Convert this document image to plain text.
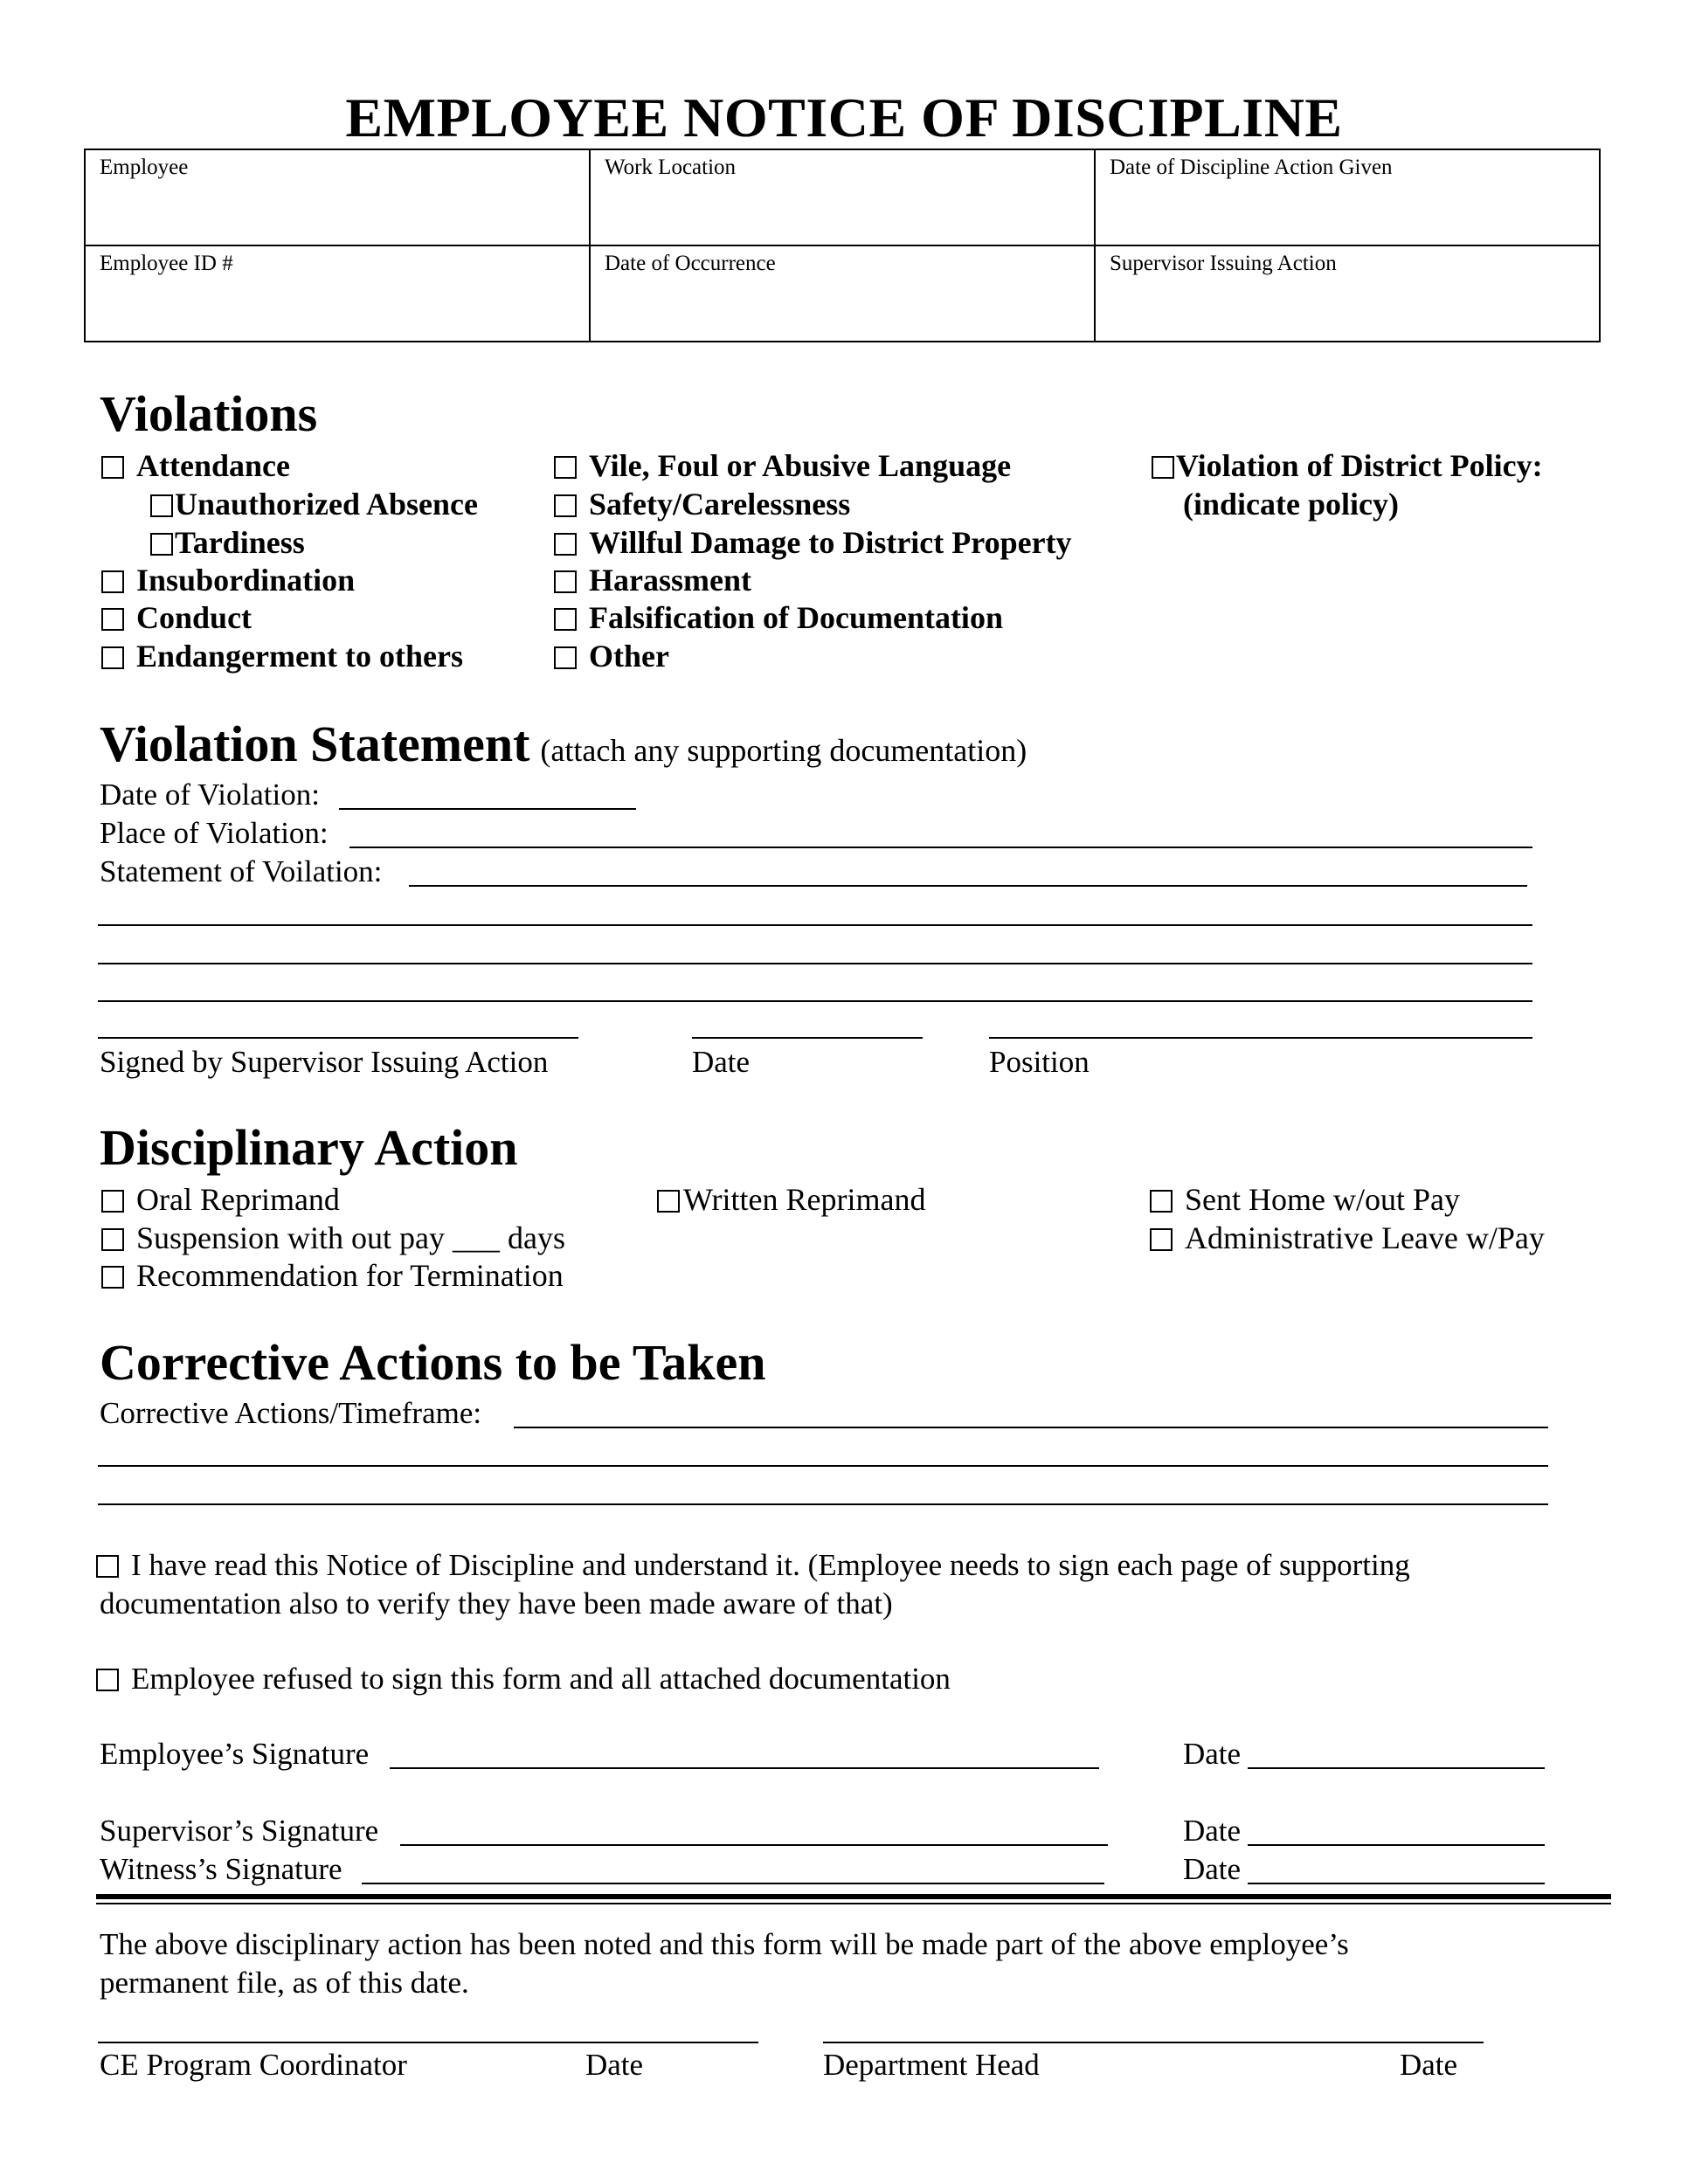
EMPLOYEE NOTICE OF DISCIPLINE
Employee	Work Location	Date of Discipline Action Given
Employee ID #	Date of Occurrence	Supervisor Issuing Action
Violations
Attendance
Unauthorized Absence
Tardiness
Insubordination
Conduct
Endangerment to others
Vile, Foul or Abusive Language
Safety/Carelessness
Willful Damage to District Property
Harassment
Falsification of Documentation
Other
Violation of District Policy:
(indicate policy)
Violation Statement (attach any supporting documentation)
Date of Violation:
Place of Violation:
Statement of Voilation:
Signed by Supervisor Issuing Action	Date	Position
Disciplinary Action
Oral Reprimand
Suspension with out pay ___ days
Recommendation for Termination
Written Reprimand	Sent Home w/out Pay
Administrative Leave w/Pay
Corrective Actions to be Taken
Corrective Actions/Timeframe:
I have read this Notice of Discipline and understand it. (Employee needs to sign each page of supporting
documentation also to verify they have been made aware of that)
Employee refused to sign this form and all attached documentation
Employee’s Signature	Date
Supervisor’s Signature	Date
Witness’s Signature	Date
The above disciplinary action has been noted and this form will be made part of the above employee’s
permanent file, as of this date.
CE Program Coordinator	Date	Department Head	Date
